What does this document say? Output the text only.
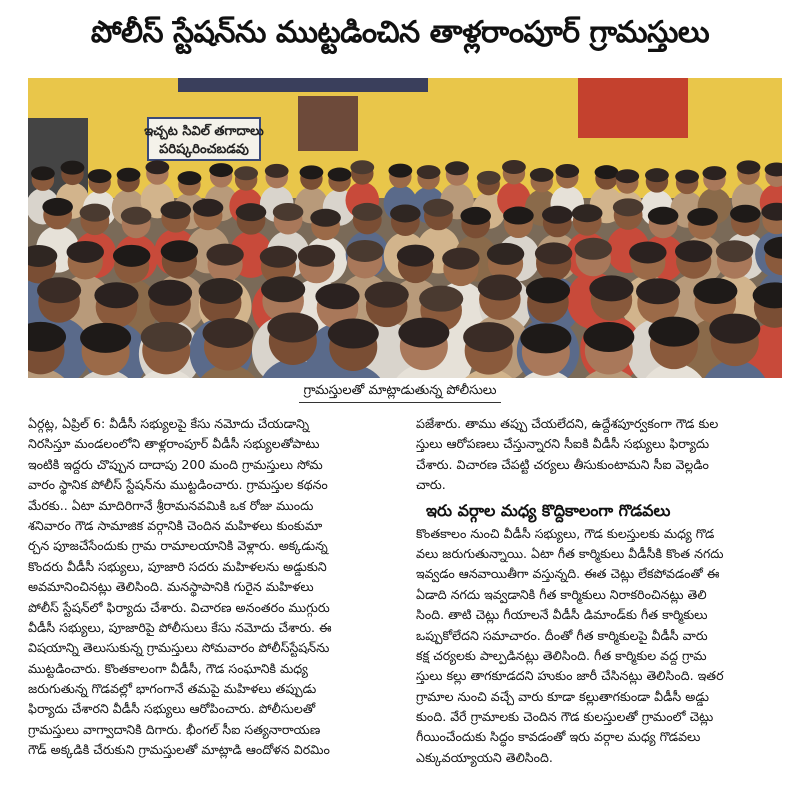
పోలీస్ స్టేషన్‌ను ముట్టడించిన తాళ్లరాంపూర్ గ్రామస్తులు
ఇచ్చట సివిల్ తగాదాలు
పరిష్కరించబడవు
గ్రామస్తులతో మాట్లాడుతున్న పోలీసులు
ఏర్గట్ల, ఏప్రిల్ 6: వీడీసీ సభ్యులపై కేసు నమోదు చేయడాన్ని
నిరసిస్తూ మండలంలోని తాళ్లరాంపూర్ వీడీసీ సభ్యులతోపాటు
ఇంటికి ఇద్దరు చొప్పున దాదాపు 200 మంది గ్రామస్తులు సోమ
వారం స్థానిక పోలీస్ స్టేషన్‌ను ముట్టడించారు. గ్రామస్తుల కథనం
మేరకు.. ఏటా మాదిరిగానే శ్రీరామనవమికి ఒక రోజు ముందు
శనివారం గౌడ సామాజిక వర్గానికి చెందిన మహిళలు కుంకుమా
ర్చన పూజచేసేందుకు గ్రామ రామాలయానికి వెళ్లారు. అక్కడున్న
కొందరు వీడీసీ సభ్యులు, పూజారి సదరు మహిళలను అడ్డుకుని
అవమానించినట్లు తెలిసింది. మనస్థాపానికి గురైన మహిళలు
పోలీస్ స్టేషన్‌లో ఫిర్యాదు చేశారు. విచారణ అనంతరం ముగ్గురు
వీడీసీ సభ్యులు, పూజారిపై పోలీసులు కేసు నమోదు చేశారు. ఈ
విషయాన్ని తెలుసుకున్న గ్రామస్తులు సోమవారం పోలీస్‌స్టేషన్‌ను
ముట్టడించారు. కొంతకాలంగా వీడీసీ, గౌడ సంఘానికి మధ్య
జరుగుతున్న గొడవల్లో భాగంగానే తమపై మహిళలు తప్పుడు
ఫిర్యాదు చేశారని వీడీసీ సభ్యులు ఆరోపించారు. పోలీసులతో
గ్రామస్తులు వాగ్వాదానికి దిగారు. భీంగల్ సీఐ సత్యనారాయణ
గౌడ్ అక్కడికి చేరుకుని గ్రామస్తులతో మాట్లాడి ఆందోళన విరమిం
పజేశారు. తాము తప్పు చేయలేదని, ఉద్దేశపూర్వకంగా గౌడ కుల
స్తులు ఆరోపణలు చేస్తున్నారని సీఐకి వీడీసీ సభ్యులు ఫిర్యాదు
చేశారు. విచారణ చేపట్టి చర్యలు తీసుకుంటామని సీఐ వెల్లడిం
చారు.
ఇరు వర్గాల మధ్య కొద్దికాలంగా గొడవలు
కొంతకాలం నుంచి వీడీసీ సభ్యులు, గౌడ కులస్తులకు మధ్య గొడ
వలు జరుగుతున్నాయి. ఏటా గీత కార్మికులు వీడీసీకి కొంత నగదు
ఇవ్వడం ఆనవాయితీగా వస్తున్నది. ఈత చెట్లు లేకపోవడంతో ఈ
ఏడాది నగదు ఇవ్వడానికి గీత కార్మికులు నిరాకరించినట్లు తెలి
సింది. తాటి చెట్లు గీయాలనే వీడీసీ డిమాండ్‌కు గీత కార్మికులు
ఒప్పుకోలేదని సమాచారం. దీంతో గీత కార్మికులపై వీడీసీ వారు
కక్ష చర్యలకు పాల్పడినట్లు తెలిసింది. గీత కార్మికుల వద్ద గ్రామ
స్తులు కల్లు తాగకూడదని హుకుం జారీ చేసినట్లు తెలిసింది. ఇతర
గ్రామాల నుంచి వచ్చే వారు కూడా కల్లుతాగకుండా వీడీసీ అడ్డు
కుంది. వేరే గ్రామాలకు చెందిన గౌడ కులస్తులతో గ్రామంలో చెట్లు
గీయించేందుకు సిద్ధం కావడంతో ఇరు వర్గాల మధ్య గొడవలు
ఎక్కువయ్యాయని తెలిసింది.
